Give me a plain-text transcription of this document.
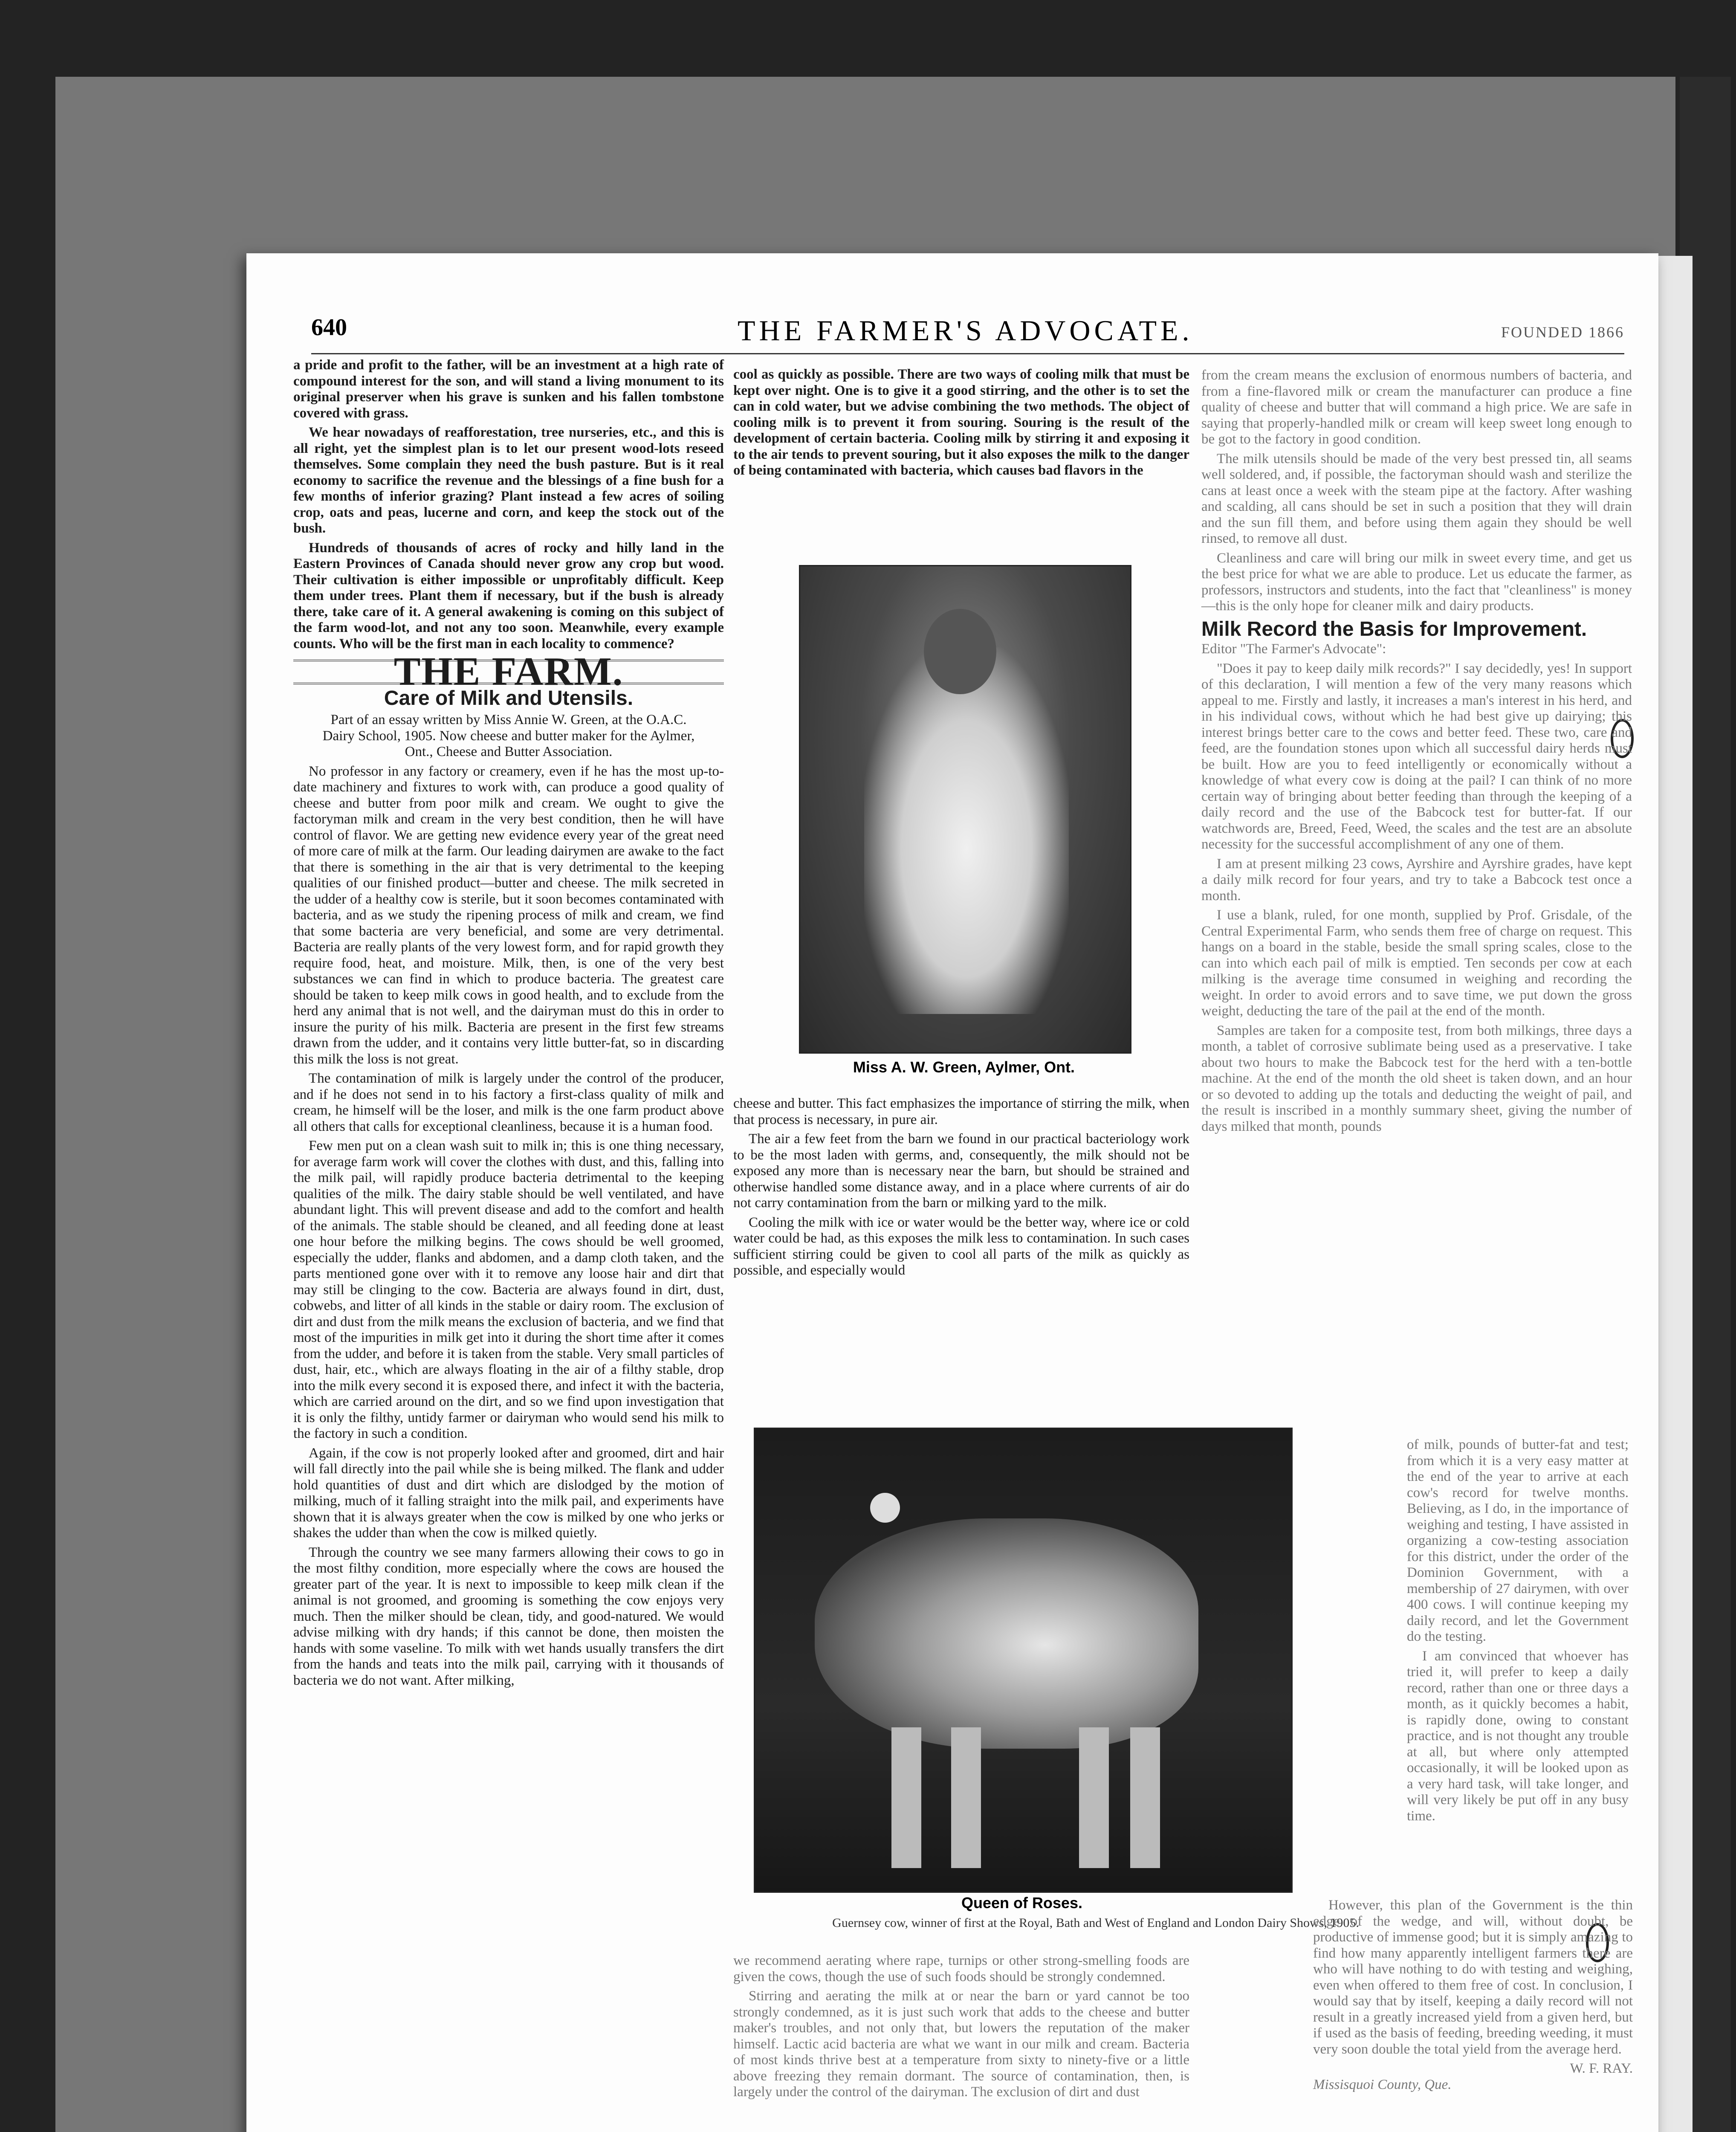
640	THE FARMER'S ADVOCATE.	FOUNDED 1866

a pride and profit to the father, will be an investment at a high rate of compound interest for the son, and will stand a living monument to its original preserver when his grave is sunken and his fallen tombstone covered with grass.

We hear nowadays of reafforestation, tree nurseries, etc., and this is all right, yet the simplest plan is to let our present wood-lots reseed themselves. Some complain they need the bush pasture. But is it real economy to sacrifice the revenue and the blessings of a fine bush for a few months of inferior grazing? Plant instead a few acres of soiling crop, oats and peas, lucerne and corn, and keep the stock out of the bush.

Hundreds of thousands of acres of rocky and hilly land in the Eastern Provinces of Canada should never grow any crop but wood. Their cultivation is either impossible or unprofitably difficult. Keep them under trees. Plant them if necessary, but if the bush is already there, take care of it. A general awakening is coming on this subject of the farm wood-lot, and not any too soon. Meanwhile, every example counts. Who will be the first man in each locality to commence?

THE FARM.
Care of Milk and Utensils.

Part of an essay written by Miss Annie W. Green, at the O.A.C. Dairy School, 1905. Now cheese and butter maker for the Aylmer, Ont., Cheese and Butter Association.

No professor in any factory or creamery, even if he has the most up-to-date machinery and fixtures to work with, can produce a good quality of cheese and butter from poor milk and cream. We ought to give the factoryman milk and cream in the very best condition, then he will have control of flavor. We are getting new evidence every year of the great need of more care of milk at the farm. Our leading dairymen are awake to the fact that there is something in the air that is very detrimental to the keeping qualities of our finished product—butter and cheese. The milk secreted in the udder of a healthy cow is sterile, but it soon becomes contaminated with bacteria, and as we study the ripening process of milk and cream, we find that some bacteria are very beneficial, and some are very detrimental. Bacteria are really plants of the very lowest form, and for rapid growth they require food, heat, and moisture. Milk, then, is one of the very best substances we can find in which to produce bacteria. The greatest care should be taken to keep milk cows in good health, and to exclude from the herd any animal that is not well, and the dairyman must do this in order to insure the purity of his milk. Bacteria are present in the first few streams drawn from the udder, and it contains very little butter-fat, so in discarding this milk the loss is not great.

The contamination of milk is largely under the control of the producer, and if he does not send in to his factory a first-class quality of milk and cream, he himself will be the loser, and milk is the one farm product above all others that calls for exceptional cleanliness, because it is a human food.

Few men put on a clean wash suit to milk in; this is one thing necessary, for average farm work will cover the clothes with dust, and this, falling into the milk pail, will rapidly produce bacteria detrimental to the keeping qualities of the milk. The dairy stable should be well ventilated, and have abundant light. This will prevent disease and add to the comfort and health of the animals. The stable should be cleaned, and all feeding done at least one hour before the milking begins. The cows should be well groomed, especially the udder, flanks and abdomen, and a damp cloth taken, and the parts mentioned gone over with it to remove any loose hair and dirt that may still be clinging to the cow. Bacteria are always found in dirt, dust, cobwebs, and litter of all kinds in the stable or dairy room. The exclusion of dirt and dust from the milk means the exclusion of bacteria, and we find that most of the impurities in milk get into it during the short time after it comes from the udder, and before it is taken from the stable. Very small particles of dust, hair, etc., which are always floating in the air of a filthy stable, drop into the milk every second it is exposed there, and infect it with the bacteria, which are carried around on the dirt, and so we find upon investigation that it is only the filthy, untidy farmer or dairyman who would send his milk to the factory in such a condition.

Again, if the cow is not properly looked after and groomed, dirt and hair will fall directly into the pail while she is being milked. The flank and udder hold quantities of dust and dirt which are dislodged by the motion of milking, much of it falling straight into the milk pail, and experiments have shown that it is always greater when the cow is milked by one who jerks or shakes the udder than when the cow is milked quietly.

Through the country we see many farmers allowing their cows to go in the most filthy condition, more especially where the cows are housed the greater part of the year. It is next to impossible to keep milk clean if the animal is not groomed, and grooming is something the cow enjoys very much. Then the milker should be clean, tidy, and good-natured. We would advise milking with dry hands; if this cannot be done, then moisten the hands with some vaseline. To milk with wet hands usually transfers the dirt from the hands and teats into the milk pail, carrying with it thousands of bacteria we do not want. After milking,

cool as quickly as possible. There are two ways of cooling milk that must be kept over night. One is to give it a good stirring, and the other is to set the can in cold water, but we advise combining the two methods. The object of cooling milk is to prevent it from souring. Souring is the result of the development of certain bacteria. Cooling milk by stirring it and exposing it to the air tends to prevent souring, but it also exposes the milk to the danger of being contaminated with bacteria, which causes bad flavors in the

Miss A. W. Green, Aylmer, Ont.

cheese and butter. This fact emphasizes the importance of stirring the milk, when that process is necessary, in pure air.

The air a few feet from the barn we found in our practical bacteriology work to be the most laden with germs, and, consequently, the milk should not be exposed any more than is necessary near the barn, but should be strained and otherwise handled some distance away, and in a place where currents of air do not carry contamination from the barn or milking yard to the milk.

Cooling the milk with ice or water would be the better way, where ice or cold water could be had, as this exposes the milk less to contamination. In such cases sufficient stirring could be given to cool all parts of the milk as quickly as possible, and especially would

Queen of Roses.
Guernsey cow, winner of first at the Royal, Bath and West of England and London Dairy Shows, 1905.

we recommend aerating where rape, turnips or other strong-smelling foods are given the cows, though the use of such foods should be strongly condemned.

Stirring and aerating the milk at or near the barn or yard cannot be too strongly condemned, as it is just such work that adds to the cheese and butter maker's troubles, and not only that, but lowers the reputation of the maker himself. Lactic acid bacteria are what we want in our milk and cream. Bacteria of most kinds thrive best at a temperature from sixty to ninety-five or a little above freezing they remain dormant. The source of contamination, then, is largely under the control of the dairyman. The exclusion of dirt and dust

from the cream means the exclusion of enormous numbers of bacteria, and from a fine-flavored milk or cream the manufacturer can produce a fine quality of cheese and butter that will command a high price. We are safe in saying that properly-handled milk or cream will keep sweet long enough to be got to the factory in good condition.

The milk utensils should be made of the very best pressed tin, all seams well soldered, and, if possible, the factoryman should wash and sterilize the cans at least once a week with the steam pipe at the factory. After washing and scalding, all cans should be set in such a position that they will drain and the sun fill them, and before using them again they should be well rinsed, to remove all dust.

Cleanliness and care will bring our milk in sweet every time, and get us the best price for what we are able to produce. Let us educate the farmer, as professors, instructors and students, into the fact that "cleanliness" is money—this is the only hope for cleaner milk and dairy products.

Milk Record the Basis for Improvement.

Editor "The Farmer's Advocate":

"Does it pay to keep daily milk records?" I say decidedly, yes! In support of this declaration, I will mention a few of the very many reasons which appeal to me. Firstly and lastly, it increases a man's interest in his herd, and in his individual cows, without which he had best give up dairying; this interest brings better care to the cows and better feed. These two, care and feed, are the foundation stones upon which all successful dairy herds must be built. How are you to feed intelligently or economically without a knowledge of what every cow is doing at the pail? I can think of no more certain way of bringing about better feeding than through the keeping of a daily record and the use of the Babcock test for butter-fat. If our watchwords are, Breed, Feed, Weed, the scales and the test are an absolute necessity for the successful accomplishment of any one of them.

I am at present milking 23 cows, Ayrshire and Ayrshire grades, have kept a daily milk record for four years, and try to take a Babcock test once a month.

I use a blank, ruled, for one month, supplied by Prof. Grisdale, of the Central Experimental Farm, who sends them free of charge on request. This hangs on a board in the stable, beside the small spring scales, close to the can into which each pail of milk is emptied. Ten seconds per cow at each milking is the average time consumed in weighing and recording the weight. In order to avoid errors and to save time, we put down the gross weight, deducting the tare of the pail at the end of the month.

Samples are taken for a composite test, from both milkings, three days a month, a tablet of corrosive sublimate being used as a preservative. I take about two hours to make the Babcock test for the herd with a ten-bottle machine. At the end of the month the old sheet is taken down, and an hour or so devoted to adding up the totals and deducting the weight of pail, and the result is inscribed in a monthly summary sheet, giving the number of days milked that month, pounds

of milk, pounds of butter-fat and test; from which it is a very easy matter at the end of the year to arrive at each cow's record for twelve months. Believing, as I do, in the importance of weighing and testing, I have assisted in organizing a cow-testing association for this district, under the order of the Dominion Government, with a membership of 27 dairymen, with over 400 cows. I will continue keeping my daily record, and let the Government do the testing.

I am convinced that whoever has tried it, will prefer to keep a daily record, rather than one or three days a month, as it quickly becomes a habit, is rapidly done, owing to constant practice, and is not thought any trouble at all, but where only attempted occasionally, it will be looked upon as a very hard task, will take longer, and will very likely be put off in any busy time.

However, this plan of the Government is the thin edge of the wedge, and will, without doubt, be productive of immense good; but it is simply amazing to find how many apparently intelligent farmers there are who will have nothing to do with testing and weighing, even when offered to them free of cost. In conclusion, I would say that by itself, keeping a daily record will not result in a greatly increased yield from a given herd, but if used as the basis of feeding, breeding weeding, it must very soon double the total yield from the average herd.

W. F. RAY.
Missisquoi County, Que.
